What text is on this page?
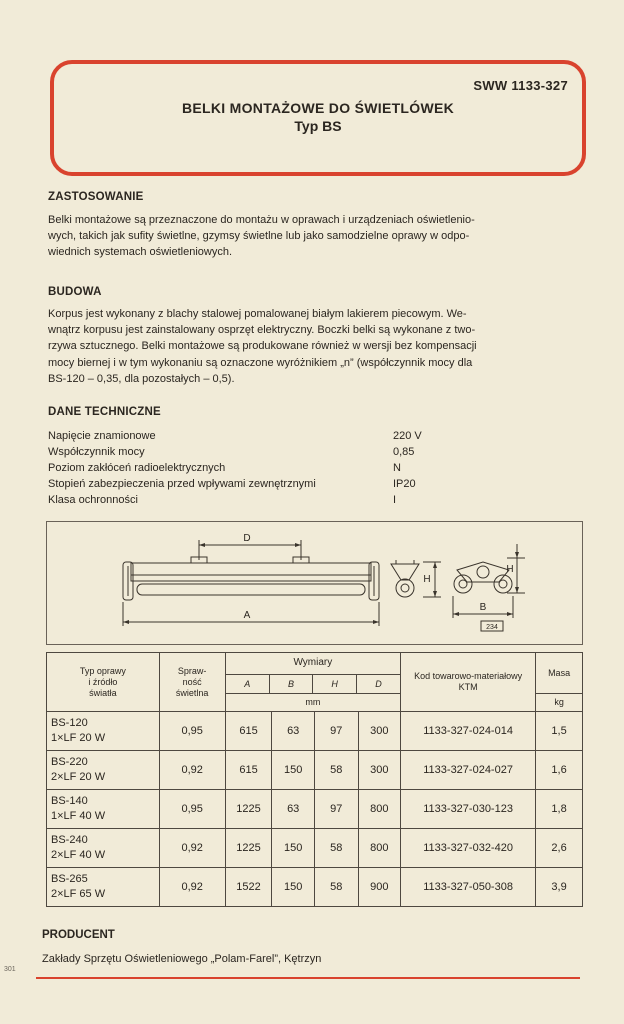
SWW 1133-327
BELKI MONTAŻOWE DO ŚWIETLÓWEK
Typ BS
ZASTOSOWANIE
Belki montażowe są przeznaczone do montażu w oprawach i urządzeniach oświetlenio-
wych, takich jak sufity świetlne, gzymsy świetlne lub jako samodzielne oprawy w odpo-
wiednich systemach oświetleniowych.
BUDOWA
Korpus jest wykonany z blachy stalowej pomalowanej białym lakierem piecowym. We-
wnątrz korpusu jest zainstalowany osprzęt elektryczny. Boczki belki są wykonane z two-
rzywa sztucznego. Belki montażowe są produkowane również w wersji bez kompensacji
mocy biernej i w tym wykonaniu są oznaczone wyróżnikiem „n” (współczynnik mocy dla
BS-120 – 0,35, dla pozostałych – 0,5).
DANE TECHNICZNE
Napięcie znamionowe	220 V
Współczynnik mocy	0,85
Poziom zakłóceń radioelektrycznych	N
Stopień zabezpieczenia przed wpływami zewnętrznymi	IP20
Klasa ochronności	I
D
A
H
H
B
234
Typ oprawy
i źródło
światła

Spraw-
ność
świetlna

Wymiary
A	B	H	D

Kod towarowo-materiałowy
KTM
	Masa
mm	kg

BS-120
1×LF 20 W
	0,95	615	63	97	300	1133-327-024-014	1,5

BS-220
2×LF 20 W
	0,92	615	150	58	300	1133-327-024-027	1,6

BS-140
1×LF 40 W
	0,95	1225	63	97	800	1133-327-030-123	1,8

BS-240
2×LF 40 W
	0,92	1225	150	58	800	1133-327-032-420	2,6

BS-265
2×LF 65 W
	0,92	1522	150	58	900	1133-327-050-308	3,9
PRODUCENT
Zakłady Sprzętu Oświetleniowego „Polam-Farel”, Kętrzyn
301
